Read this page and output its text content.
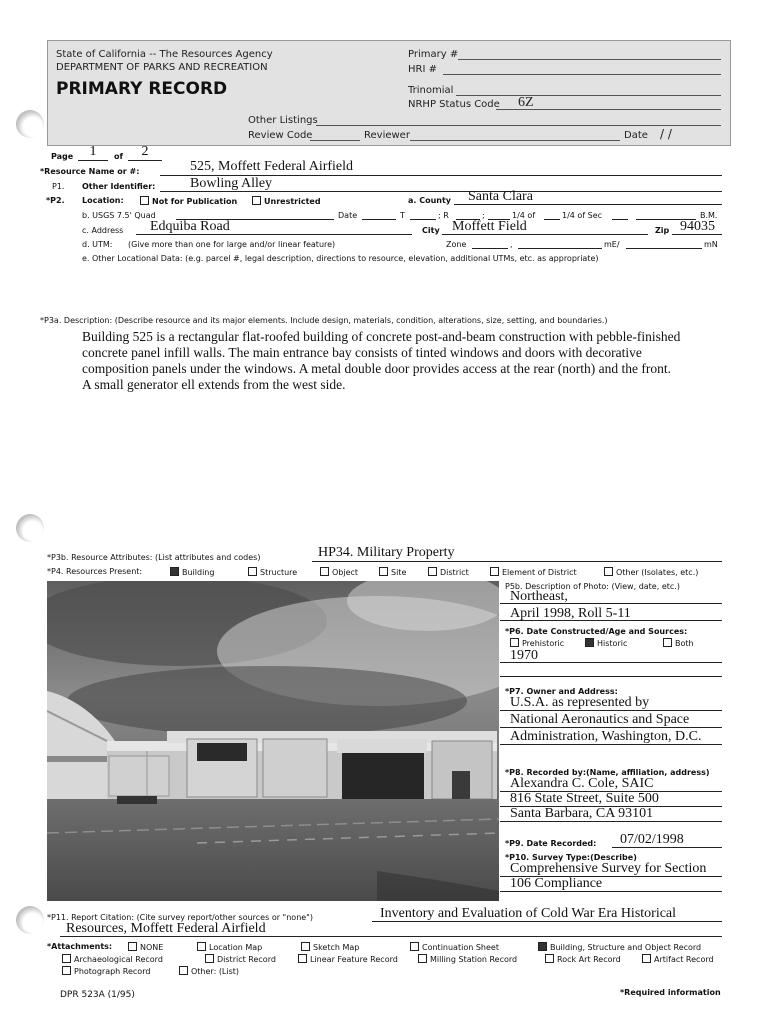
State of California -- The Resources Agency
DEPARTMENT OF PARKS AND RECREATION
PRIMARY RECORD
Primary #
HRI #
Trinomial
NRHP Status Code 6Z
Other Listings
Review Code	Reviewer	Date / /
Page	1	of	2
*Resource Name or #:	525, Moffett Federal Airfield
P1. Other Identifier: Bowling Alley
*P2. Location:	Not for Publication	Unrestricted	a. County Santa Clara
b. USGS 7.5' Quad	Date	T	; R	;	1/4 of	1/4 of Sec	B.M.
c. Address Edquiba Road	City Moffett Field	Zip 94035
d. UTM: (Give more than one for large and/or linear feature)	Zone	,	mE/	mN
e. Other Locational Data: (e.g. parcel #, legal description, directions to resource, elevation, additional UTMs, etc. as appropriate)
*P3a. Description: (Describe resource and its major elements. Include design, materials, condition, alterations, size, setting, and boundaries.)
Building 525 is a rectangular flat-roofed building of concrete post-and-beam construction with pebble-finished
concrete panel infill walls. The main entrance bay consists of tinted windows and doors with decorative
composition panels under the windows. A metal double door provides access at the rear (north) and the front.
A small generator ell extends from the west side.
*P3b. Resource Attributes: (List attributes and codes)	HP34. Military Property
*P4. Resources Present:	Building	Structure	Object	Site	District	Element of District	Other (Isolates, etc.)
P5b. Description of Photo: (View, date, etc.)
Northeast,
April 1998, Roll 5-11
*P6. Date Constructed/Age and Sources:
Prehistoric	Historic	Both
1970
*P7. Owner and Address:
U.S.A. as represented by
National Aeronautics and Space
Administration, Washington, D.C.
*P8. Recorded by:(Name, affiliation, address)
Alexandra C. Cole, SAIC
816 State Street, Suite 500
Santa Barbara, CA 93101
*P9. Date Recorded: 07/02/1998
*P10. Survey Type:(Describe)
Comprehensive Survey for Section
106 Compliance
*P11. Report Citation: (Cite survey report/other sources or "none")	Inventory and Evaluation of Cold War Era Historical
Resources, Moffett Federal Airfield
*Attachments:	NONE	Location Map	Sketch Map	Continuation Sheet	Building, Structure and Object Record
Archaeological Record	District Record	Linear Feature Record	Milling Station Record	Rock Art Record	Artifact Record
Photograph Record	Other: (List)
DPR 523A (1/95)	*Required information
